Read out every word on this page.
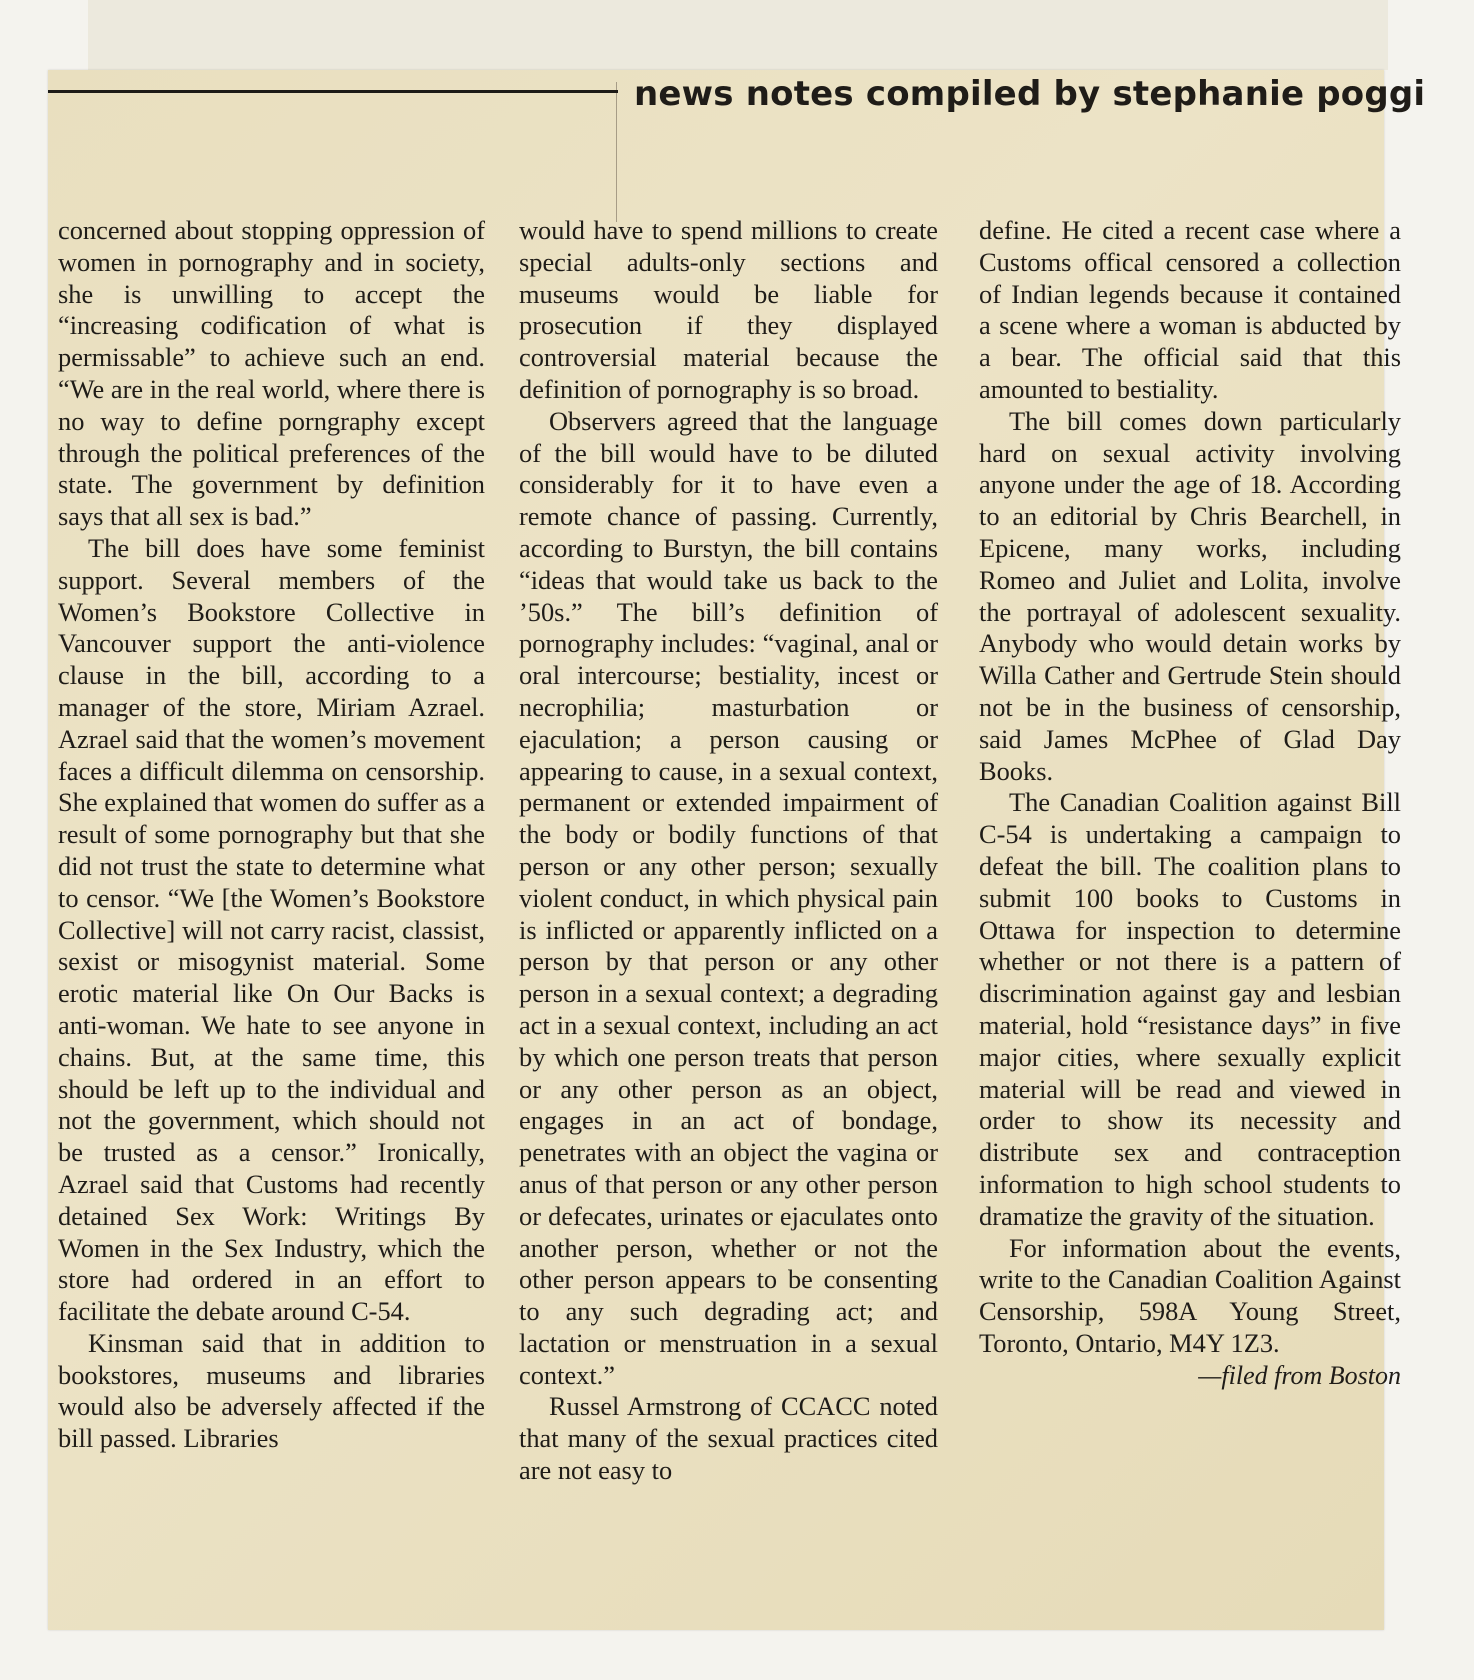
news notes compiled by stephanie poggi

concerned about stopping oppression of women in pornography and in society, she is unwilling to accept the “increasing codification of what is permissable” to achieve such an end. “We are in the real world, where there is no way to define porngraphy except through the political preferences of the state. The government by definition says that all sex is bad.”

The bill does have some feminist support. Several members of the Women’s Bookstore Collective in Vancouver support the anti-violence clause in the bill, according to a manager of the store, Miriam Azrael. Azrael said that the women’s movement faces a difficult dilemma on censorship. She explained that women do suffer as a result of some pornography but that she did not trust the state to determine what to censor. “We [the Women’s Bookstore Collective] will not carry racist, classist, sexist or misogynist material. Some erotic material like On Our Backs is anti-woman. We hate to see anyone in chains. But, at the same time, this should be left up to the individual and not the government, which should not be trusted as a censor.” Ironically, Azrael said that Customs had recently detained Sex Work: Writings By Women in the Sex Industry, which the store had ordered in an effort to facilitate the debate around C-54.

Kinsman said that in addition to bookstores, museums and libraries would also be adversely affected if the bill passed. Libraries

would have to spend millions to create special adults-only sections and museums would be liable for prosecution if they displayed controversial material because the definition of pornography is so broad.

Observers agreed that the language of the bill would have to be diluted considerably for it to have even a remote chance of passing. Currently, according to Burstyn, the bill contains “ideas that would take us back to the ’50s.” The bill’s definition of pornography includes: “vaginal, anal or oral intercourse; bestiality, incest or necrophilia; masturbation or ejaculation; a person causing or appearing to cause, in a sexual context, permanent or extended impairment of the body or bodily functions of that person or any other person; sexually violent conduct, in which physical pain is inflicted or apparently inflicted on a person by that person or any other person in a sexual context; a degrading act in a sexual context, including an act by which one person treats that person or any other person as an object, engages in an act of bondage, penetrates with an object the vagina or anus of that person or any other person or defecates, urinates or ejaculates onto another person, whether or not the other person appears to be consenting to any such degrading act; and lactation or menstruation in a sexual context.”

Russel Armstrong of CCACC noted that many of the sexual practices cited are not easy to

define. He cited a recent case where a Customs offical censored a collection of Indian legends because it contained a scene where a woman is abducted by a bear. The official said that this amounted to bestiality.

The bill comes down particularly hard on sexual activity involving anyone under the age of 18. According to an editorial by Chris Bearchell, in Epicene, many works, including Romeo and Juliet and Lolita, involve the portrayal of adolescent sexuality. Anybody who would detain works by Willa Cather and Gertrude Stein should not be in the business of censorship, said James McPhee of Glad Day Books.

The Canadian Coalition against Bill C-54 is undertaking a campaign to defeat the bill. The coalition plans to submit 100 books to Customs in Ottawa for inspection to determine whether or not there is a pattern of discrimination against gay and lesbian material, hold “resistance days” in five major cities, where sexually explicit material will be read and viewed in order to show its necessity and distribute sex and contraception information to high school students to dramatize the gravity of the situation.

For information about the events, write to the Canadian Coalition Against Censorship, 598A Young Street, Toronto, Ontario, M4Y 1Z3.

—filed from Boston
